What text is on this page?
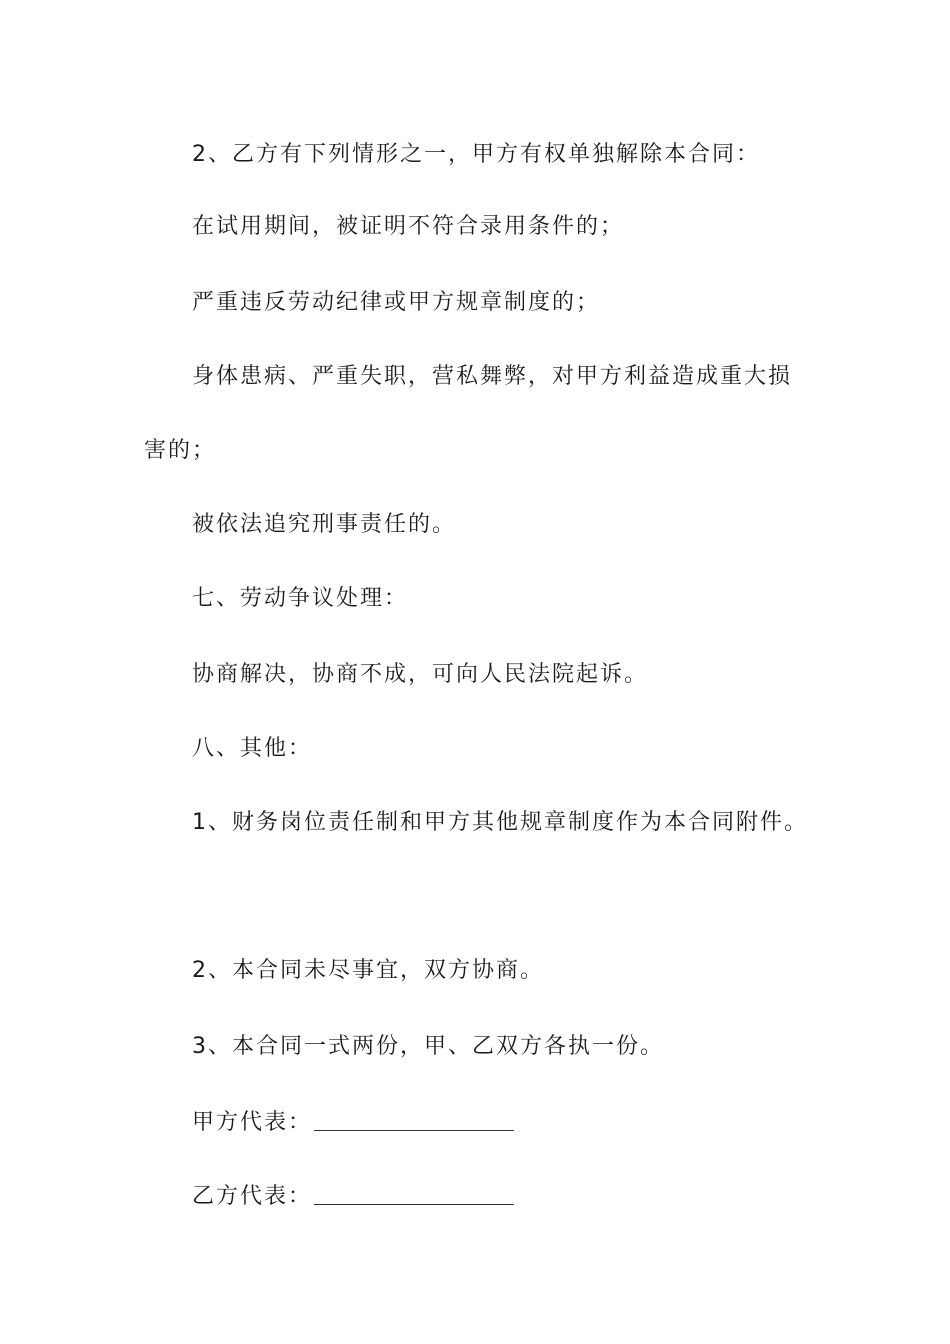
2、乙方有下列情形之一，甲方有权单独解除本合同：
在试用期间，被证明不符合录用条件的；
严重违反劳动纪律或甲方规章制度的；
身体患病、严重失职，营私舞弊，对甲方利益造成重大损
害的；
被依法追究刑事责任的。
七、劳动争议处理：
协商解决，协商不成，可向人民法院起诉。
八、其他：
1、财务岗位责任制和甲方其他规章制度作为本合同附件。
2、本合同未尽事宜，双方协商。
3、本合同一式两份，甲、乙双方各执一份。
甲方代表：
乙方代表：
